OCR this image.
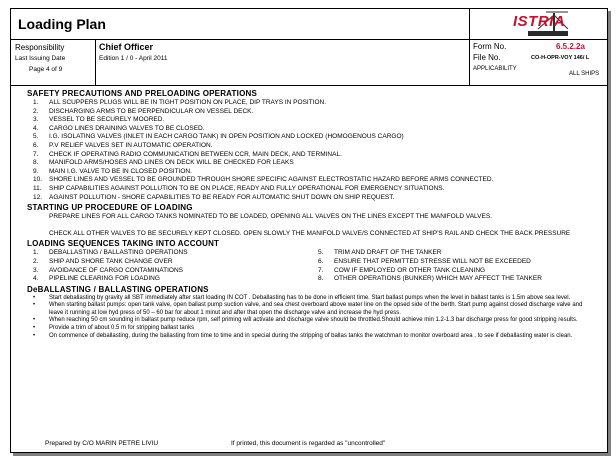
Loading Plan	ISTRIA
Responsibility	Chief Officer
Last Issuing Date	Edition 1 / 0 - April 2011
Page 4 of 9
Form No.	6.5.2.2a
File No.	CO-H-OPR-VOY 146/ L
APPLICABILITY
ALL SHIPS
SAFETY PRECAUTIONS AND PRELOADING OPERATIONS
1. ALL SCUPPERS PLUGS WILL BE IN TIGHT POSITION ON PLACE, DIP TRAYS IN POSITION.
2. DISCHARGING ARMS TO BE PERPENDICULAR ON VESSEL DECK.
3. VESSEL TO BE SECURELY MOORED.
4. CARGO LINES DRAINING VALVES TO BE CLOSED.
5. I.G. ISOLATING VALVES (INLET IN EACH CARGO TANK) IN OPEN POSITION AND LOCKED (HOMOGENOUS CARGO)
6. P.V RELIEF VALVES SET IN AUTOMATIC OPERATION.
7. CHECK IF OPERATING RADIO COMMUNICATION BETWEEN CCR, MAIN DECK, AND TERMINAL.
8. MANIFOLD ARMS/HOSES AND LINES ON DECK WILL BE CHECKED FOR LEAKS
9. MAIN I.G. VALVE TO BE IN CLOSED POSITION.
10. SHORE LINES AND VESSEL TO BE GROUNDED THROUGH SHORE SPECIFIC AGAINST ELECTROSTATIC HAZARD BEFORE ARMS CONNECTED.
11. SHIP CAPABILITIES AGAINST POLLUTION TO BE ON PLACE, READY AND FULLY OPERATIONAL FOR EMERGENCY SITUATIONS.
12. AGAINST POLLUTION - SHORE CAPABILITIES TO BE READY FOR AUTOMATIC SHUT DOWN ON SHIP REQUEST.
STARTING UP PROCEDURE OF LOADING
PREPARE LINES FOR ALL CARGO TANKS NOMINATED TO BE LOADED, OPENING ALL VALVES ON THE LINES EXCEPT THE MANIFOLD VALVES.
CHECK ALL OTHER VALVES TO BE SECURELY KEPT CLOSED. OPEN SLOWLY THE MANIFOLD VALVE/S CONNECTED AT SHIP'S RAIL AND CHECK THE BACK PRESSURE
LOADING SEQUENCES TAKING INTO ACCOUNT
1. DEBALLASTING / BALLASTING OPERATIONS
2. SHIP AND SHORE TANK CHANGE OVER
3. AVOIDANCE OF CARGO CONTAMINATIONS
4. PIPELINE CLEARING FOR LOADING
5. TRIM AND DRAFT OF THE TANKER
6. ENSURE THAT PERMITTED STRESSE WILL NOT BE EXCEEDED
7. COW IF EMPLOYED OR OTHER TANK CLEANING
8. OTHER OPERATIONS (BUNKER) WHICH MAY AFFECT THE TANKER
DeBALLASTING / BALLASTING OPERATIONS
• Start deballasting by gravity all SBT immediately after start loading IN COT . Deballasting has to be done in efficient time. Start ballast pumps when the level in ballast tanks is 1.5m above sea level.
• When starting ballast pumps: open tank valve, open ballast pump suction valve, and sea chest overboard above water line on the opsed side of the berth. Start pump against closed discharge valve and leave it running at low hyd press of 50 – 60 bar for about 1 minut and after that open the discharge valve and increase the hyd press.
• When reaching 50 cm sounding in ballast pump reduce rpm, self priming will activate and discharge valve should be throttled.Should achieve min 1.2-1.3 bar discharge press for good stripping results.
• Provide a trim of about 0.5 m for stripping ballast tanks
• On commence of deballasting, during the ballasting from time to time and in special during the stripping of ballas tanks the watchman to monitor overboard area , to see if deballasting water is clean.
Prepared by C/O MARIN PETRE LIVIU	If printed, this document is regarded as "uncontrolled"
